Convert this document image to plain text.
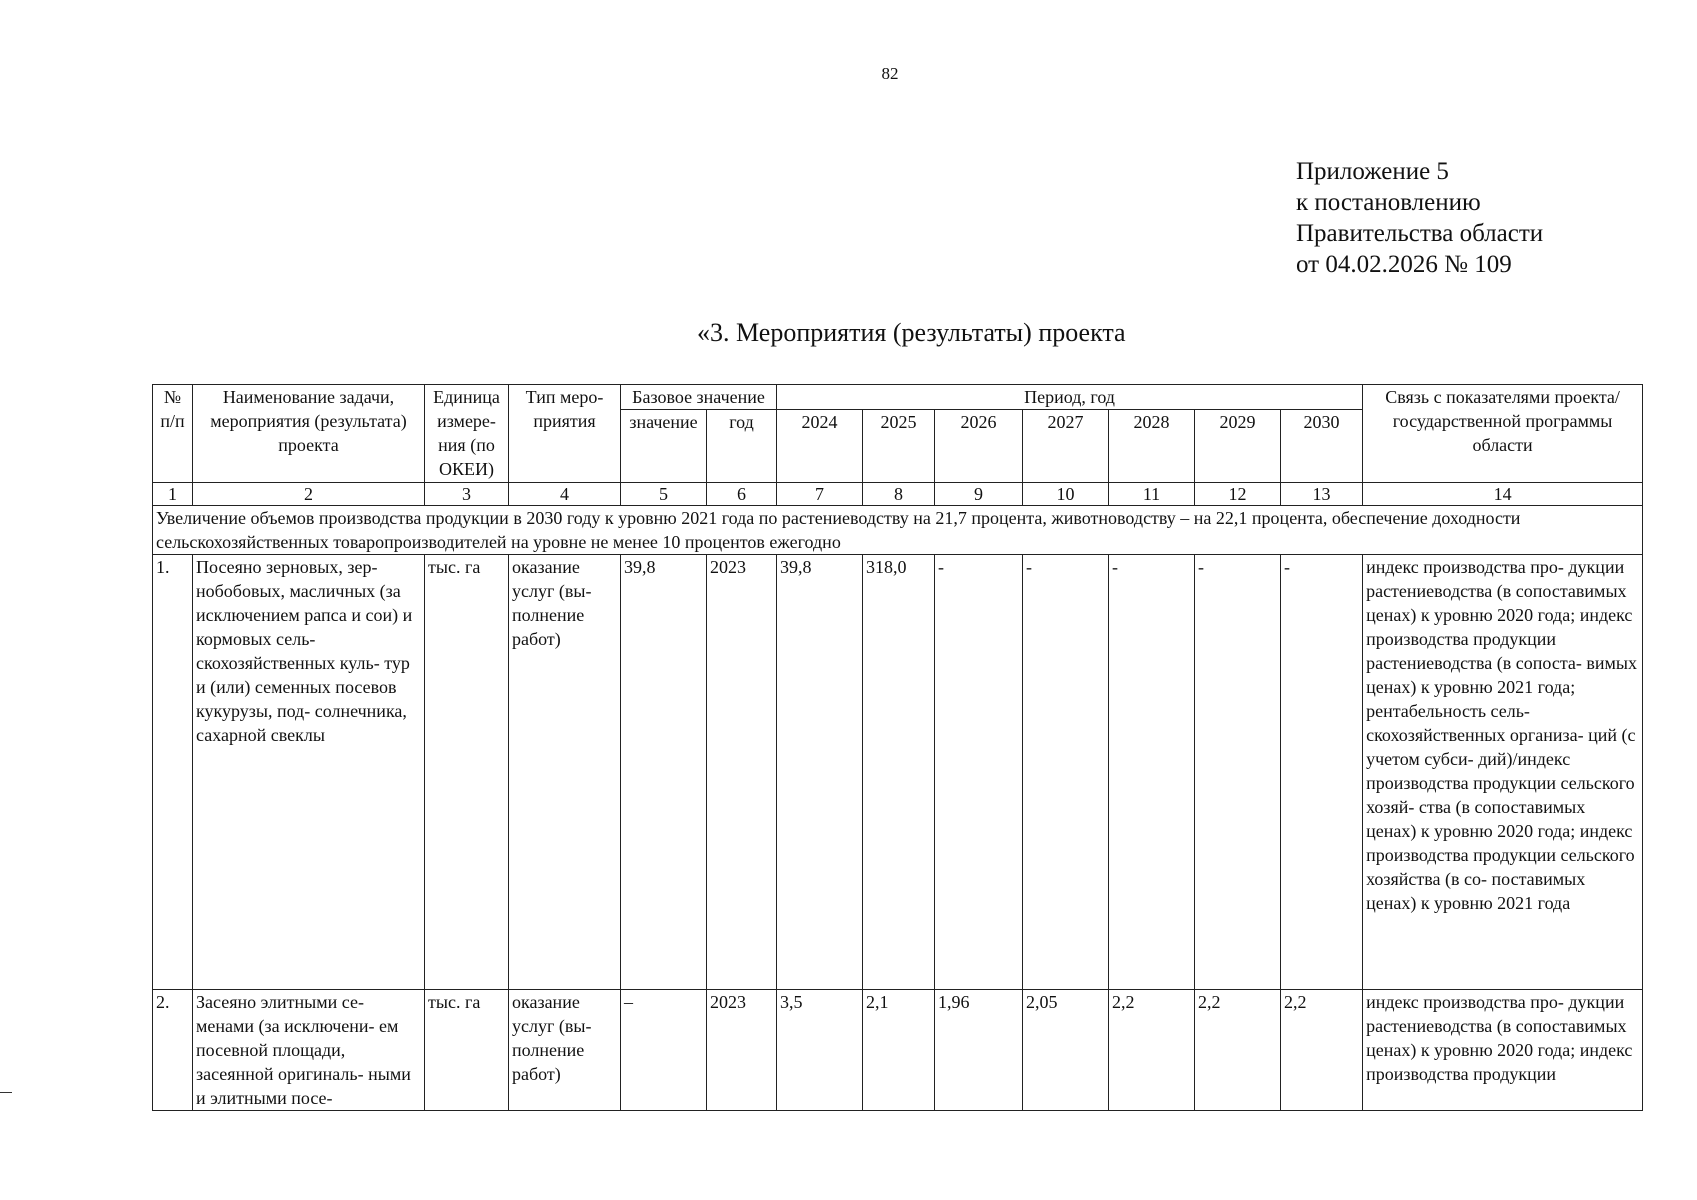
82
Приложение 5
к постановлению
Правительства области
от 04.02.2026 № 109
«3. Мероприятия (результаты) проекта
№ п/п	Наименование задачи, мероприятия (результата) проекта	Единица измере- ния (по ОКЕИ)	Тип меро- приятия	Базовое значение		Период, год							Связь с показателями проекта/государственной программы области
				значение	год	2024	2025	2026	2027	2028	2029	2030	
1	2	3	4	5	6	7	8	9	10	11	12	13	14
Увеличение объемов производства продукции в 2030 году к уровню 2021 года по растениеводству на 21,7 процента, животноводству – на 22,1 процента, обеспечение доходности сельскохозяйственных товаропроизводителей на уровне не менее 10 процентов ежегодно													
1.	Посеяно зерновых, зер- нобобовых, масличных (за исключением рапса и сои) и кормовых сель- скохозяйственных куль- тур и (или) семенных посевов кукурузы, под- солнечника, сахарной свеклы	тыс. га	оказание услуг (вы- полнение работ)	39,8	2023	39,8	318,0	-	-	-	-	-	индекс производства про- дукции растениеводства (в сопоставимых ценах) к уровню 2020 года; индекс производства продукции растениеводства (в сопоста- вимых ценах) к уровню 2021 года; рентабельность сель- скохозяйственных организа- ций (с учетом субси- дий)/индекс производства продукции сельского хозяй- ства (в сопоставимых ценах) к уровню 2020 года; индекс производства продукции сельского хозяйства (в со- поставимых ценах) к уровню 2021 года
2.	Засеяно элитными се- менами (за исключени- ем посевной площади, засеянной оригиналь- ными и элитными посе-	тыс. га	оказание услуг (вы- полнение работ)	–	2023	3,5	2,1	1,96	2,05	2,2	2,2	2,2	индекс производства про- дукции растениеводства (в сопоставимых ценах) к уровню 2020 года; индекс производства продукции
